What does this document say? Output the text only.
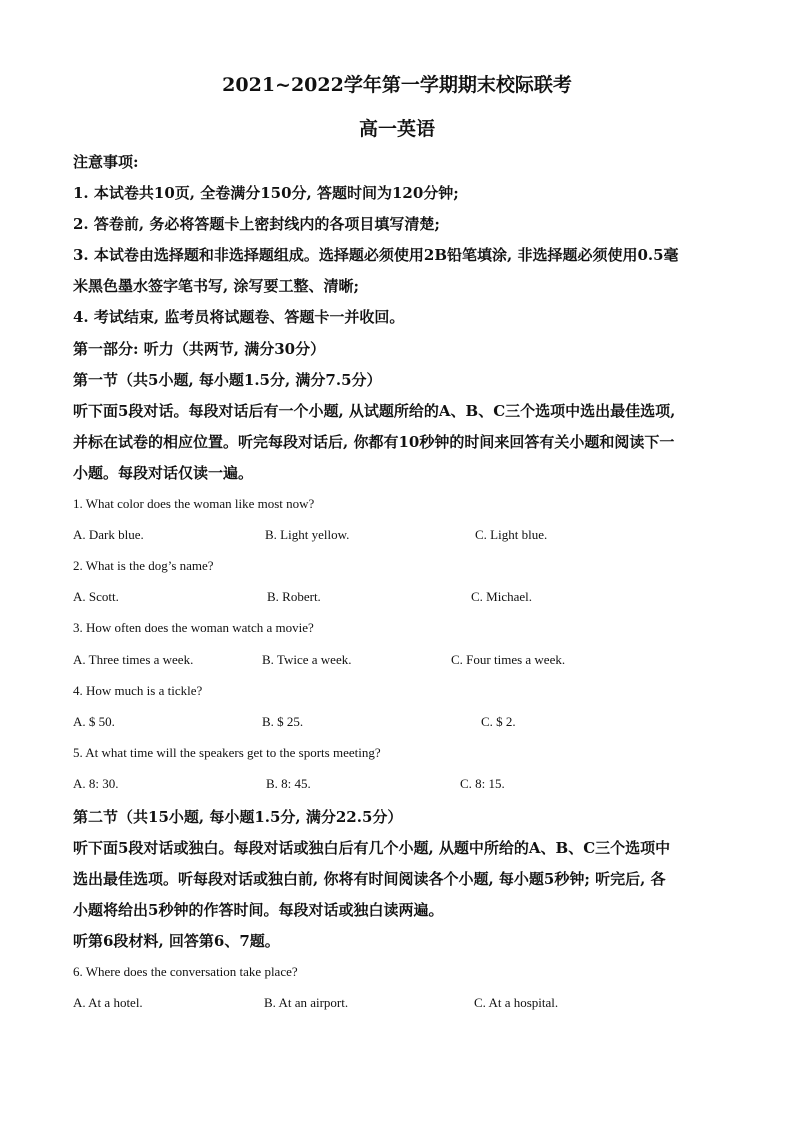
2021~2022学年第一学期期末校际联考
高一英语
注意事项:
1. 本试卷共10页, 全卷满分150分, 答题时间为120分钟;
2. 答卷前, 务必将答题卡上密封线内的各项目填写清楚;
3. 本试卷由选择题和非选择题组成。选择题必须使用2B铅笔填涂, 非选择题必须使用0.5毫
米黑色墨水签字笔书写, 涂写要工整、清晰;
4. 考试结束, 监考员将试题卷、答题卡一并收回。
第一部分: 听力（共两节, 满分30分）
第一节（共5小题, 每小题1.5分, 满分7.5分）
听下面5段对话。每段对话后有一个小题, 从试题所给的A、B、C三个选项中选出最佳选项,
并标在试卷的相应位置。听完每段对话后, 你都有10秒钟的时间来回答有关小题和阅读下一
小题。每段对话仅读一遍。
1. What color does the woman like most now?
A. Dark blue.	B. Light yellow.	C. Light blue.
2. What is the dog’s name?
A. Scott.	B. Robert.	C. Michael.
3. How often does the woman watch a movie?
A. Three times a week.	B. Twice a week.	C. Four times a week.
4. How much is a tickle?
A. $ 50.	B. $ 25.	C. $ 2.
5. At what time will the speakers get to the sports meeting?
A. 8: 30.	B. 8: 45.	C. 8: 15.
第二节（共15小题, 每小题1.5分, 满分22.5分）
听下面5段对话或独白。每段对话或独白后有几个小题, 从题中所给的A、B、C三个选项中
选出最佳选项。听每段对话或独白前, 你将有时间阅读各个小题, 每小题5秒钟; 听完后, 各
小题将给出5秒钟的作答时间。每段对话或独白读两遍。
听第6段材料, 回答第6、7题。
6. Where does the conversation take place?
A. At a hotel.	B. At an airport.	C. At a hospital.
